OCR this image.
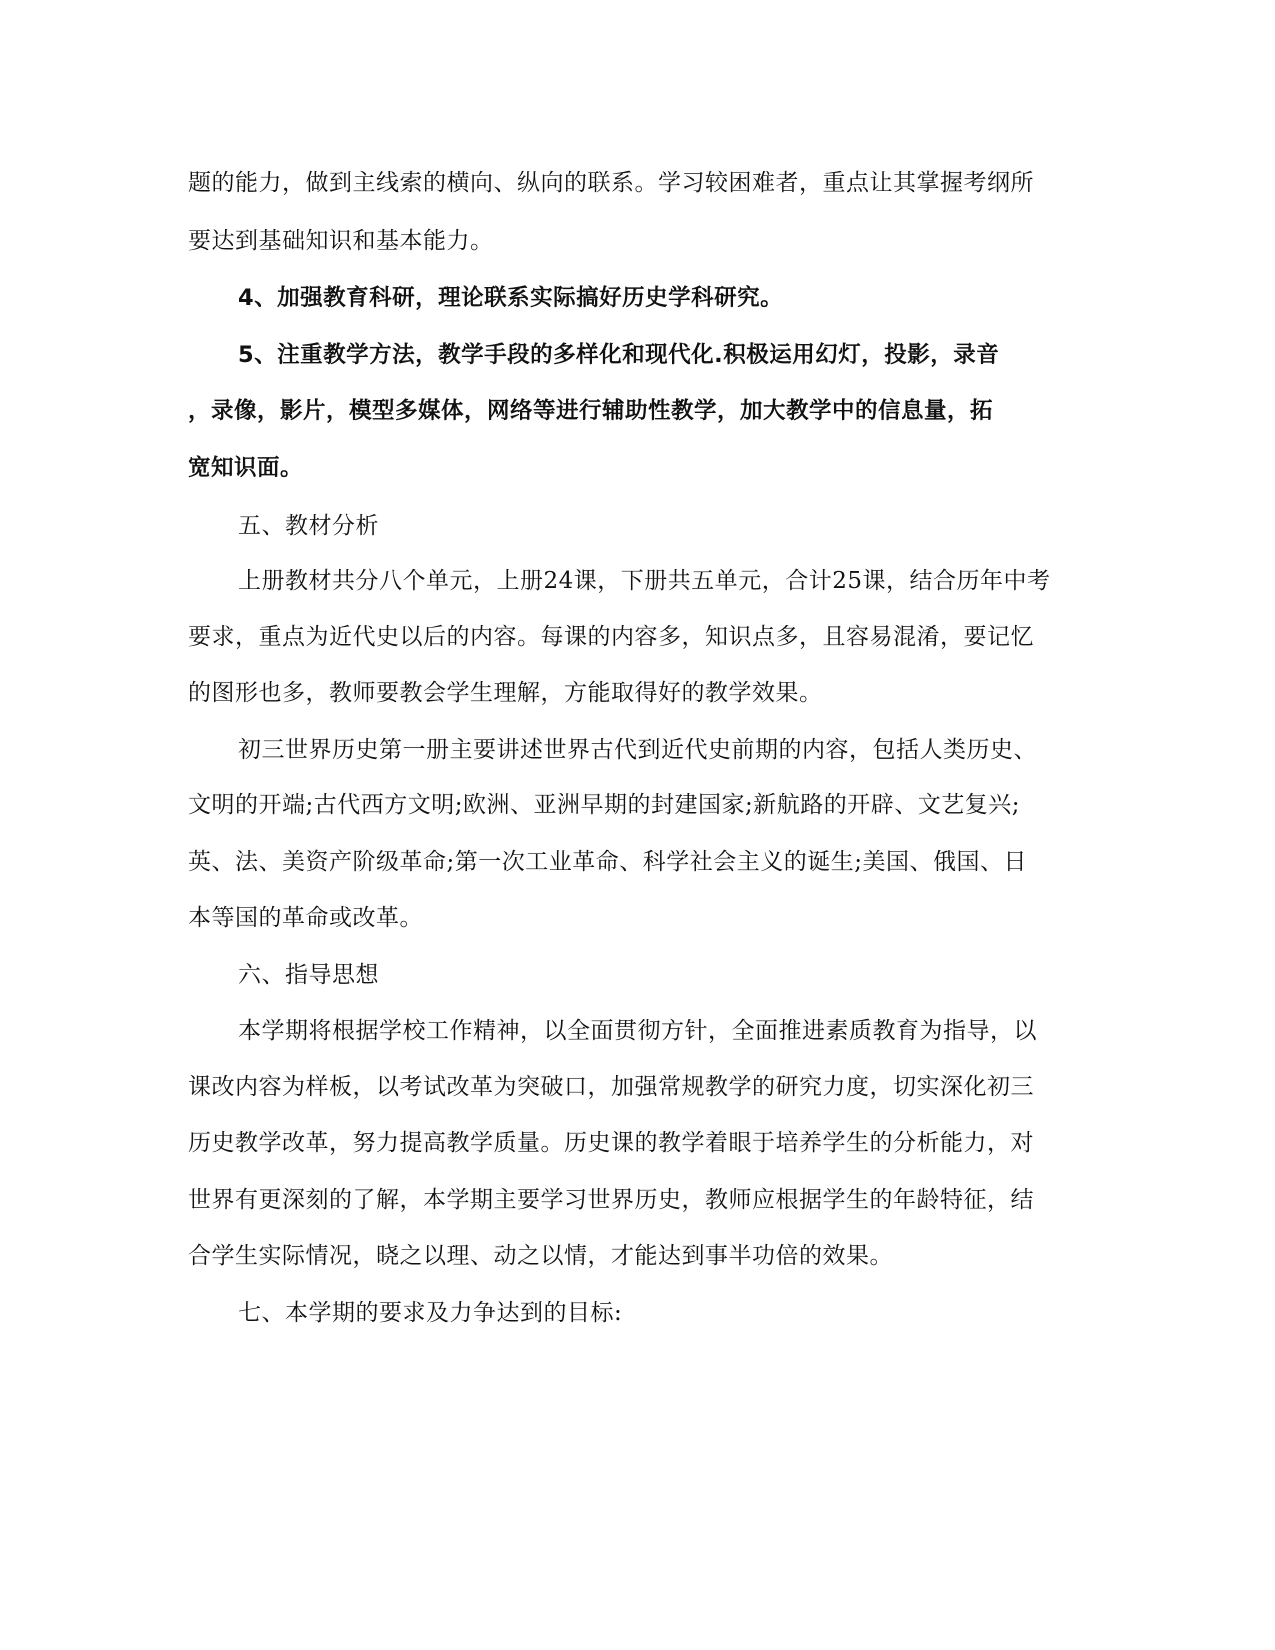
题的能力，做到主线索的横向、纵向的联系。学习较困难者，重点让其掌握考纲所
要达到基础知识和基本能力。
4、加强教育科研，理论联系实际搞好历史学科研究。
5、注重教学方法，教学手段的多样化和现代化.积极运用幻灯，投影，录音
，录像，影片，模型多媒体，网络等进行辅助性教学，加大教学中的信息量，拓
宽知识面。
五、教材分析
上册教材共分八个单元，上册24课，下册共五单元，合计25课，结合历年中考
要求，重点为近代史以后的内容。每课的内容多，知识点多，且容易混淆，要记忆
的图形也多，教师要教会学生理解，方能取得好的教学效果。
初三世界历史第一册主要讲述世界古代到近代史前期的内容，包括人类历史、
文明的开端;古代西方文明;欧洲、亚洲早期的封建国家;新航路的开辟、文艺复兴;
英、法、美资产阶级革命;第一次工业革命、科学社会主义的诞生;美国、俄国、日
本等国的革命或改革。
六、指导思想
本学期将根据学校工作精神，以全面贯彻方针，全面推进素质教育为指导，以
课改内容为样板，以考试改革为突破口，加强常规教学的研究力度，切实深化初三
历史教学改革，努力提高教学质量。历史课的教学着眼于培养学生的分析能力，对
世界有更深刻的了解，本学期主要学习世界历史，教师应根据学生的年龄特征，结
合学生实际情况，晓之以理、动之以情，才能达到事半功倍的效果。
七、本学期的要求及力争达到的目标:
